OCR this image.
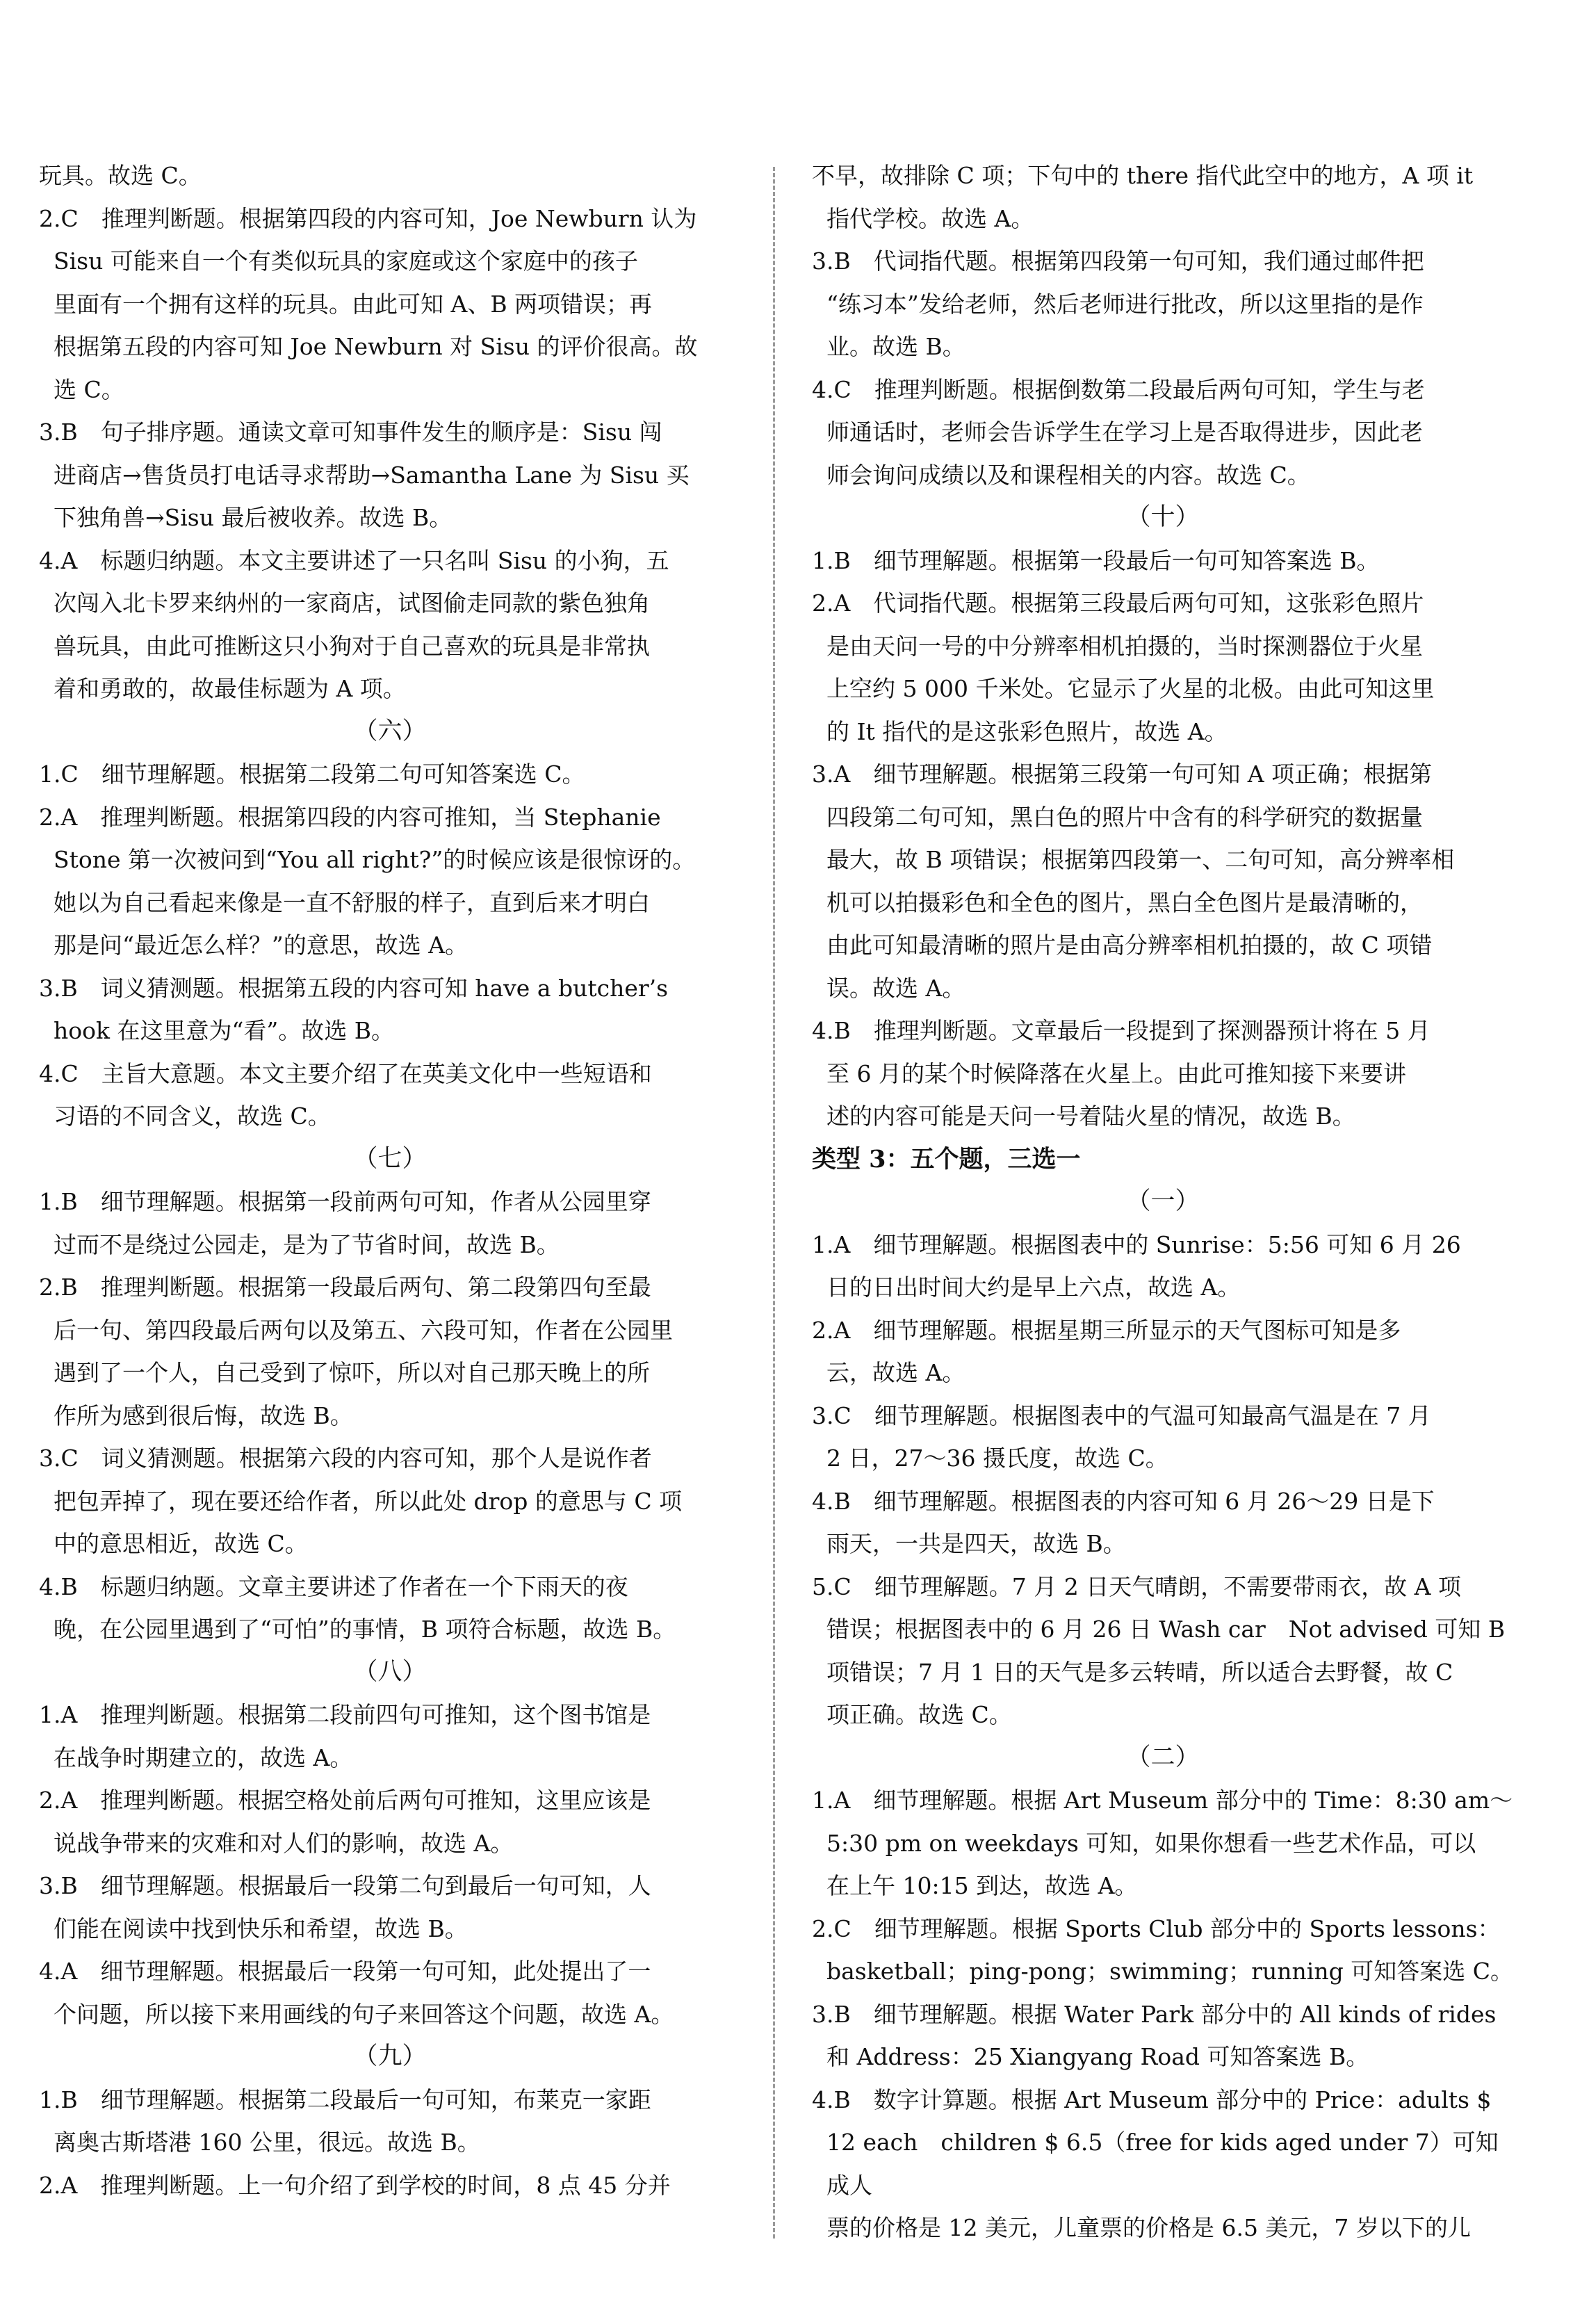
玩具。故选 C。

2.C　推理判断题。根据第四段的内容可知，Joe Newburn 认为

Sisu 可能来自一个有类似玩具的家庭或这个家庭中的孩子
里面有一个拥有这样的玩具。由此可知 A、B 两项错误；再
根据第五段的内容可知 Joe Newburn 对 Sisu 的评价很高。故
选 C。

3.B　句子排序题。通读文章可知事件发生的顺序是：Sisu 闯

进商店→售货员打电话寻求帮助→Samantha Lane 为 Sisu 买
下独角兽→Sisu 最后被收养。故选 B。

4.A　标题归纳题。本文主要讲述了一只名叫 Sisu 的小狗，五

次闯入北卡罗来纳州的一家商店，试图偷走同款的紫色独角
兽玩具，由此可推断这只小狗对于自己喜欢的玩具是非常执
着和勇敢的，故最佳标题为 A 项。

（六）

1.C　细节理解题。根据第二段第二句可知答案选 C。

2.A　推理判断题。根据第四段的内容可推知，当 Stephanie

Stone 第一次被问到“You all right?”的时候应该是很惊讶的。
她以为自己看起来像是一直不舒服的样子，直到后来才明白
那是问“最近怎么样？”的意思，故选 A。

3.B　词义猜测题。根据第五段的内容可知 have a butcher’s

hook 在这里意为“看”。故选 B。

4.C　主旨大意题。本文主要介绍了在英美文化中一些短语和

习语的不同含义，故选 C。

（七）

1.B　细节理解题。根据第一段前两句可知，作者从公园里穿

过而不是绕过公园走，是为了节省时间，故选 B。

2.B　推理判断题。根据第一段最后两句、第二段第四句至最

后一句、第四段最后两句以及第五、六段可知，作者在公园里
遇到了一个人，自己受到了惊吓，所以对自己那天晚上的所
作所为感到很后悔，故选 B。

3.C　词义猜测题。根据第六段的内容可知，那个人是说作者

把包弄掉了，现在要还给作者，所以此处 drop 的意思与 C 项
中的意思相近，故选 C。

4.B　标题归纳题。文章主要讲述了作者在一个下雨天的夜

晚，在公园里遇到了“可怕”的事情，B 项符合标题，故选 B。

（八）

1.A　推理判断题。根据第二段前四句可推知，这个图书馆是

在战争时期建立的，故选 A。

2.A　推理判断题。根据空格处前后两句可推知，这里应该是

说战争带来的灾难和对人们的影响，故选 A。

3.B　细节理解题。根据最后一段第二句到最后一句可知，人

们能在阅读中找到快乐和希望，故选 B。

4.A　细节理解题。根据最后一段第一句可知，此处提出了一

个问题，所以接下来用画线的句子来回答这个问题，故选 A。

（九）

1.B　细节理解题。根据第二段最后一句可知，布莱克一家距

离奥古斯塔港 160 公里，很远。故选 B。

2.A　推理判断题。上一句介绍了到学校的时间，8 点 45 分并

不早，故排除 C 项；下句中的 there 指代此空中的地方，A 项 it

指代学校。故选 A。

3.B　代词指代题。根据第四段第一句可知，我们通过邮件把

“练习本”发给老师，然后老师进行批改，所以这里指的是作
业。故选 B。

4.C　推理判断题。根据倒数第二段最后两句可知，学生与老

师通话时，老师会告诉学生在学习上是否取得进步，因此老
师会询问成绩以及和课程相关的内容。故选 C。

（十）

1.B　细节理解题。根据第一段最后一句可知答案选 B。

2.A　代词指代题。根据第三段最后两句可知，这张彩色照片

是由天问一号的中分辨率相机拍摄的，当时探测器位于火星
上空约 5 000 千米处。它显示了火星的北极。由此可知这里
的 It 指代的是这张彩色照片，故选 A。

3.A　细节理解题。根据第三段第一句可知 A 项正确；根据第

四段第二句可知，黑白色的照片中含有的科学研究的数据量
最大，故 B 项错误；根据第四段第一、二句可知，高分辨率相
机可以拍摄彩色和全色的图片，黑白全色图片是最清晰的，
由此可知最清晰的照片是由高分辨率相机拍摄的，故 C 项错
误。故选 A。

4.B　推理判断题。文章最后一段提到了探测器预计将在 5 月

至 6 月的某个时候降落在火星上。由此可推知接下来要讲
述的内容可能是天问一号着陆火星的情况，故选 B。

类型 3：五个题，三选一

（一）

1.A　细节理解题。根据图表中的 Sunrise：5:56 可知 6 月 26

日的日出时间大约是早上六点，故选 A。

2.A　细节理解题。根据星期三所显示的天气图标可知是多

云，故选 A。

3.C　细节理解题。根据图表中的气温可知最高气温是在 7 月

2 日，27～36 摄氏度，故选 C。

4.B　细节理解题。根据图表的内容可知 6 月 26～29 日是下

雨天，一共是四天，故选 B。

5.C　细节理解题。7 月 2 日天气晴朗，不需要带雨衣，故 A 项

错误；根据图表中的 6 月 26 日 Wash car　Not advised 可知 B
项错误；7 月 1 日的天气是多云转晴，所以适合去野餐，故 C
项正确。故选 C。

（二）

1.A　细节理解题。根据 Art Museum 部分中的 Time：8:30 am～

5:30 pm on weekdays 可知，如果你想看一些艺术作品，可以
在上午 10:15 到达，故选 A。

2.C　细节理解题。根据 Sports Club 部分中的 Sports lessons：

basketball；ping-pong；swimming；running 可知答案选 C。

3.B　细节理解题。根据 Water Park 部分中的 All kinds of rides

和 Address：25 Xiangyang Road 可知答案选 B。

4.B　数字计算题。根据 Art Museum 部分中的 Price：adults $

12 each　children $ 6.5（free for kids aged under 7）可知成人
票的价格是 12 美元，儿童票的价格是 6.5 美元，7 岁以下的儿
